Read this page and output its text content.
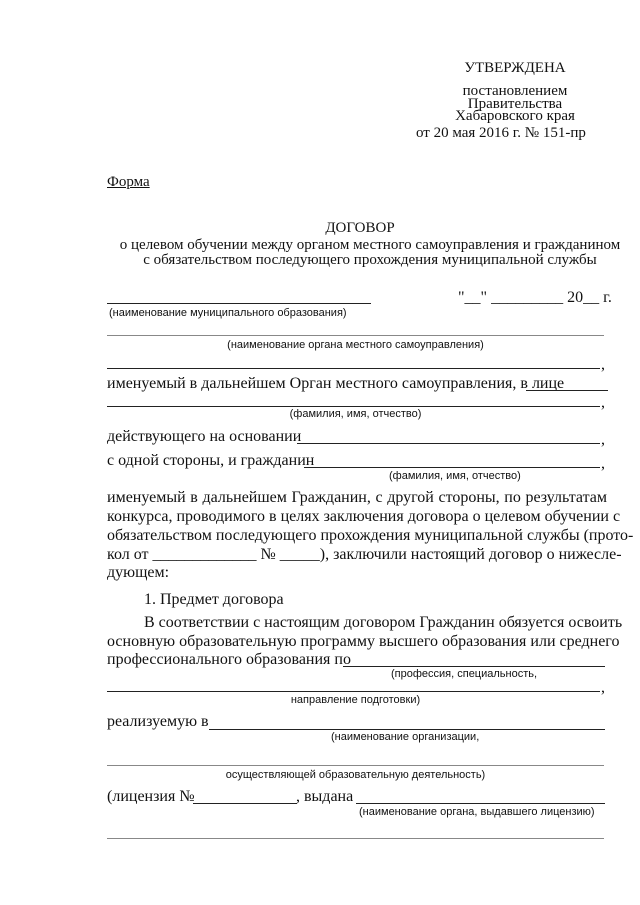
УТВЕРЖДЕНА
постановлением
Правительства
Хабаровского края
от 20 мая 2016 г. № 151-пр
Форма
ДОГОВОР
о целевом обучении между органом местного самоуправления и гражданином
с обязательством последующего прохождения муниципальной службы
"__" _________ 20__ г.
(наименование муниципального образования)
(наименование органа местного самоуправления)
,
именуемый в дальнейшем Орган местного самоуправления, в лице
,
(фамилия, имя, отчество)
действующего на основании	,
с одной стороны, и гражданин	,
(фамилия, имя, отчество)
именуемый в дальнейшем Гражданин, с другой стороны, по результатам
конкурса, проводимого в целях заключения договора о целевом обучении с
обязательством последующего прохождения муниципальной службы (прото-
кол от _____________ № _____), заключили настоящий договор о нижесле-
дующем:
1. Предмет договора
В соответствии с настоящим договором Гражданин обязуется освоить
основную образовательную программу высшего образования или среднего
профессионального образования по
(профессия, специальность,
,
направление подготовки)
реализуемую в
(наименование организации,
осуществляющей образовательную деятельность)
(лицензия №	, выдана
(наименование органа, выдавшего лицензию)
